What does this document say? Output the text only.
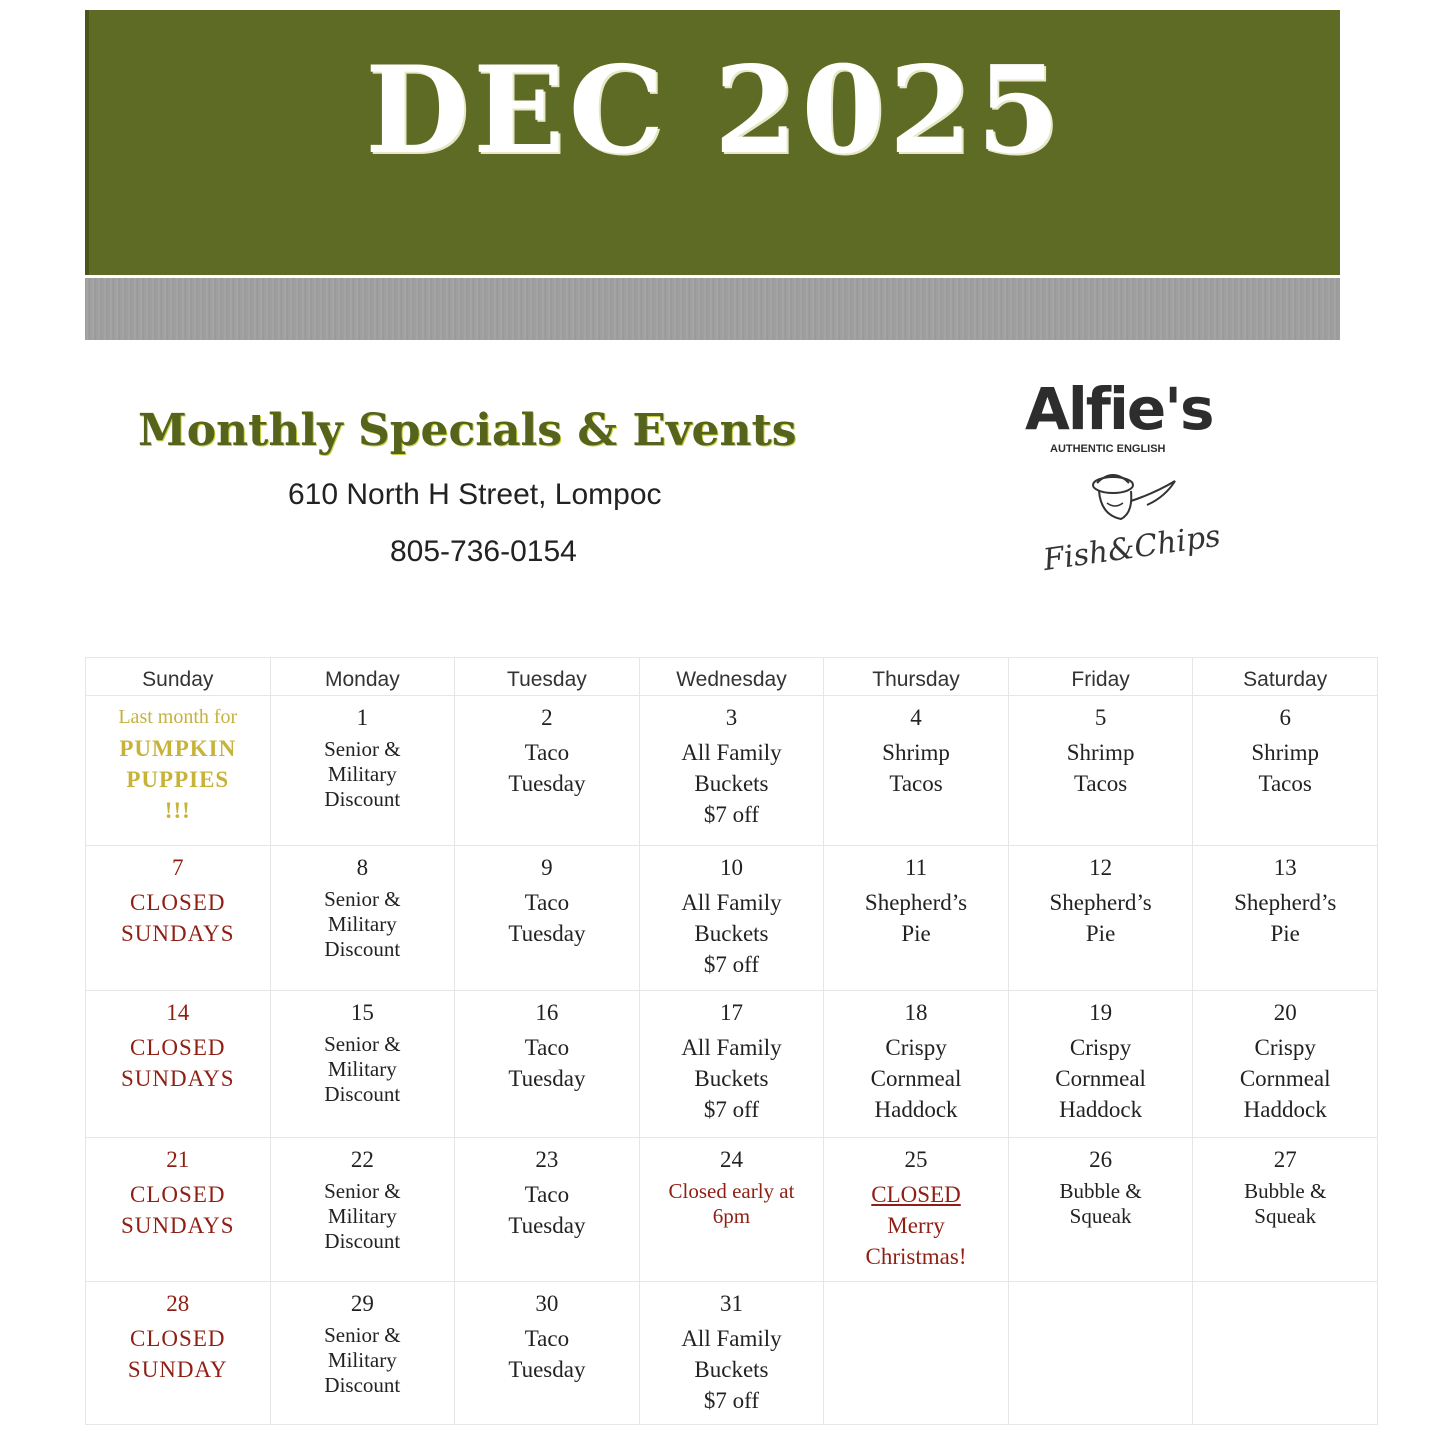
DEC 2025
Monthly Specials & Events
610 North H Street, Lompoc
805-736-0154
Alfie's
AUTHENTIC ENGLISH
Fish&Chips
Sunday	Monday	Tuesday	Wednesday	Thursday	Friday	Saturday

Last month for
PUMPKIN
PUPPIES
!!!	1
Senior &
Military
Discount	2
Taco
Tuesday	3
All Family
Buckets
$7 off	4
Shrimp
Tacos	5
Shrimp
Tacos	6
Shrimp
Tacos

7
CLOSED
SUNDAYS	8
Senior &
Military
Discount	9
Taco
Tuesday	10
All Family
Buckets
$7 off	11
Shepherd’s
Pie	12
Shepherd’s
Pie	13
Shepherd’s
Pie

14
CLOSED
SUNDAYS	15
Senior &
Military
Discount	16
Taco
Tuesday	17
All Family
Buckets
$7 off	18
Crispy
Cornmeal
Haddock	19
Crispy
Cornmeal
Haddock	20
Crispy
Cornmeal
Haddock

21
CLOSED
SUNDAYS	22
Senior &
Military
Discount	23
Taco
Tuesday	24
Closed early at
6pm	25
CLOSED
Merry
Christmas!	26
Bubble &
Squeak	27
Bubble &
Squeak

28
CLOSED
SUNDAY	29
Senior &
Military
Discount	30
Taco
Tuesday	31
All Family
Buckets
$7 off			
